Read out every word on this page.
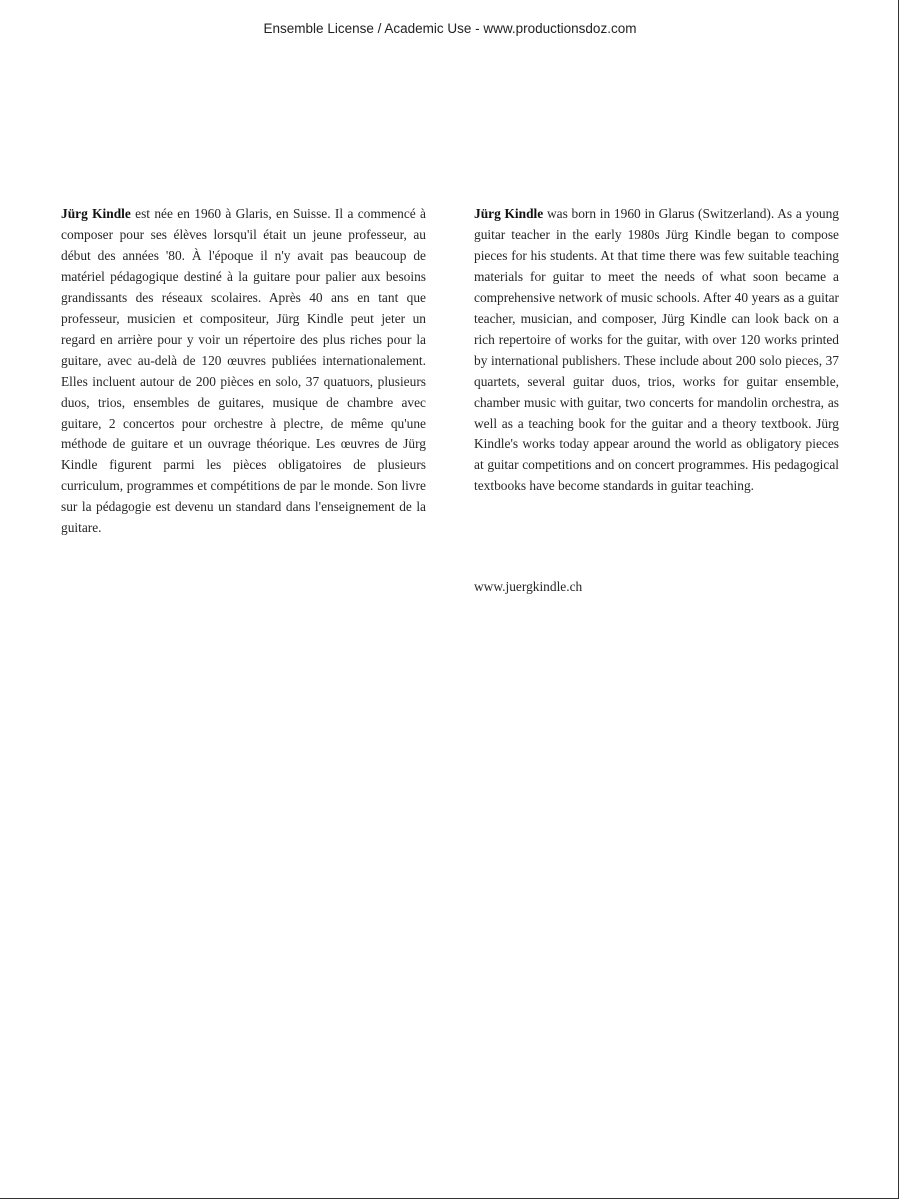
Ensemble License / Academic Use - www.productionsdoz.com
Jürg Kindle est née en 1960 à Glaris, en Suisse. Il a commencé à composer pour ses élèves lorsqu'il était un jeune professeur, au début des années '80. À l'époque il n'y avait pas beaucoup de matériel pédagogique destiné à la guitare pour palier aux besoins grandissants des réseaux scolaires. Après 40 ans en tant que professeur, musicien et compositeur, Jürg Kindle peut jeter un regard en arrière pour y voir un répertoire des plus riches pour la guitare, avec au-delà de 120 œuvres publiées internationalement. Elles incluent autour de 200 pièces en solo, 37 quatuors, plusieurs duos, trios, ensembles de guitares, musique de chambre avec guitare, 2 concertos pour orchestre à plectre, de même qu'une méthode de guitare et un ouvrage théorique. Les œuvres de Jürg Kindle figurent parmi les pièces obligatoires de plusieurs curriculum, programmes et compétitions de par le monde. Son livre sur la pédagogie est devenu un standard dans l'enseignement de la guitare.
Jürg Kindle was born in 1960 in Glarus (Switzerland). As a young guitar teacher in the early 1980s Jürg Kindle began to compose pieces for his students. At that time there was few suitable teaching materials for guitar to meet the needs of what soon became a comprehensive network of music schools. After 40 years as a guitar teacher, musician, and composer, Jürg Kindle can look back on a rich repertoire of works for the guitar, with over 120 works printed by international publishers. These include about 200 solo pieces, 37 quartets, several guitar duos, trios, works for guitar ensemble, chamber music with guitar, two concerts for mandolin orchestra, as well as a teaching book for the guitar and a theory textbook. Jürg Kindle's works today appear around the world as obligatory pieces at guitar competitions and on concert programmes. His pedagogical textbooks have become standards in guitar teaching.
www.juergkindle.ch
